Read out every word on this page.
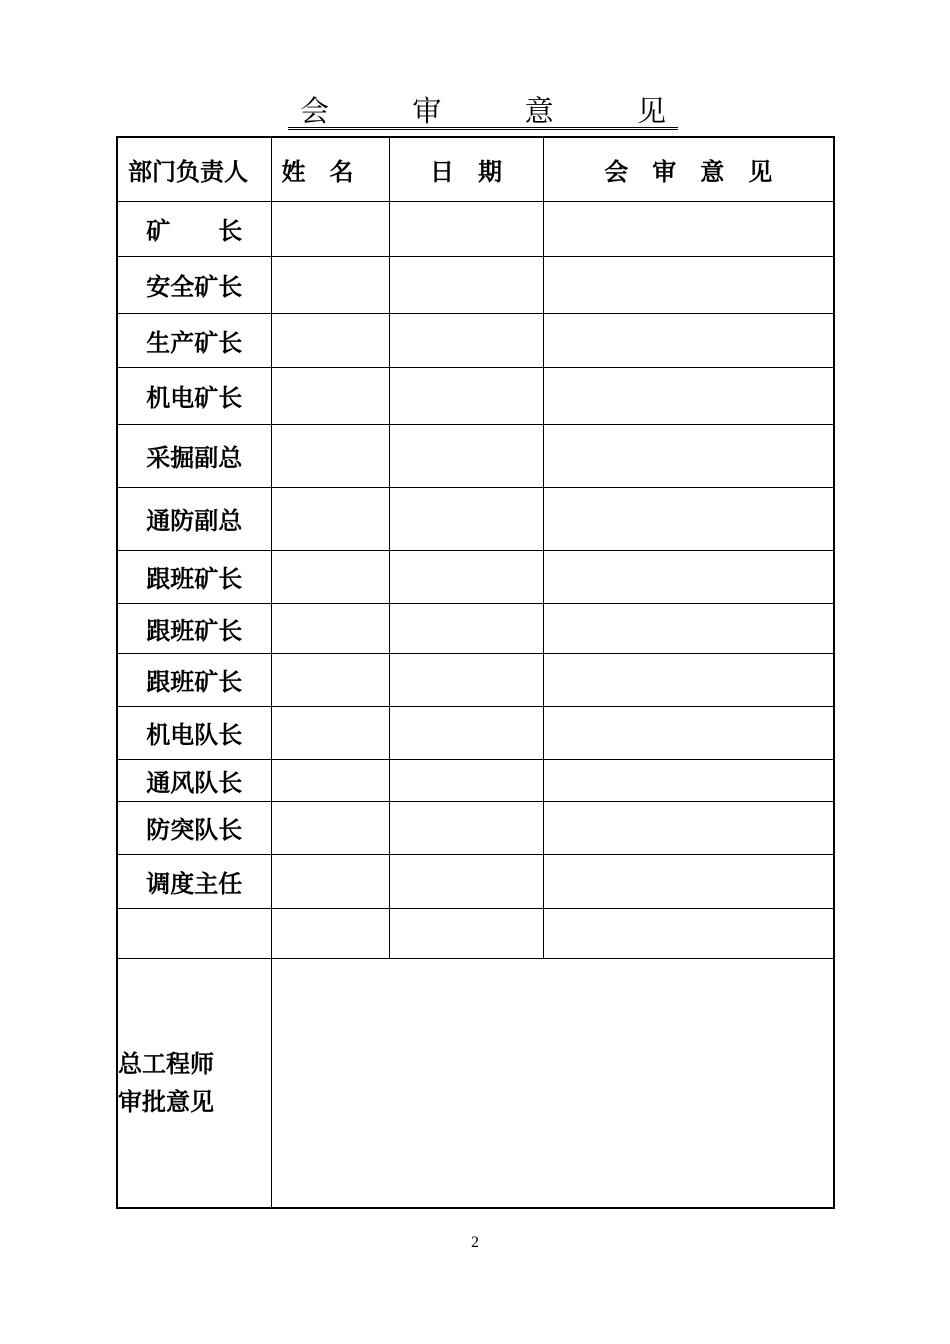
会	审	意	见
部门负责人	姓　名	日　期	会　审　意　见
矿　　长			
安全矿长			
生产矿长			
机电矿长			
采掘副总			
通防副总			
跟班矿长			
跟班矿长			
跟班矿长			
机电队长			
通风队长			
防突队长			
调度主任			

总工程师
审批意见			

2
